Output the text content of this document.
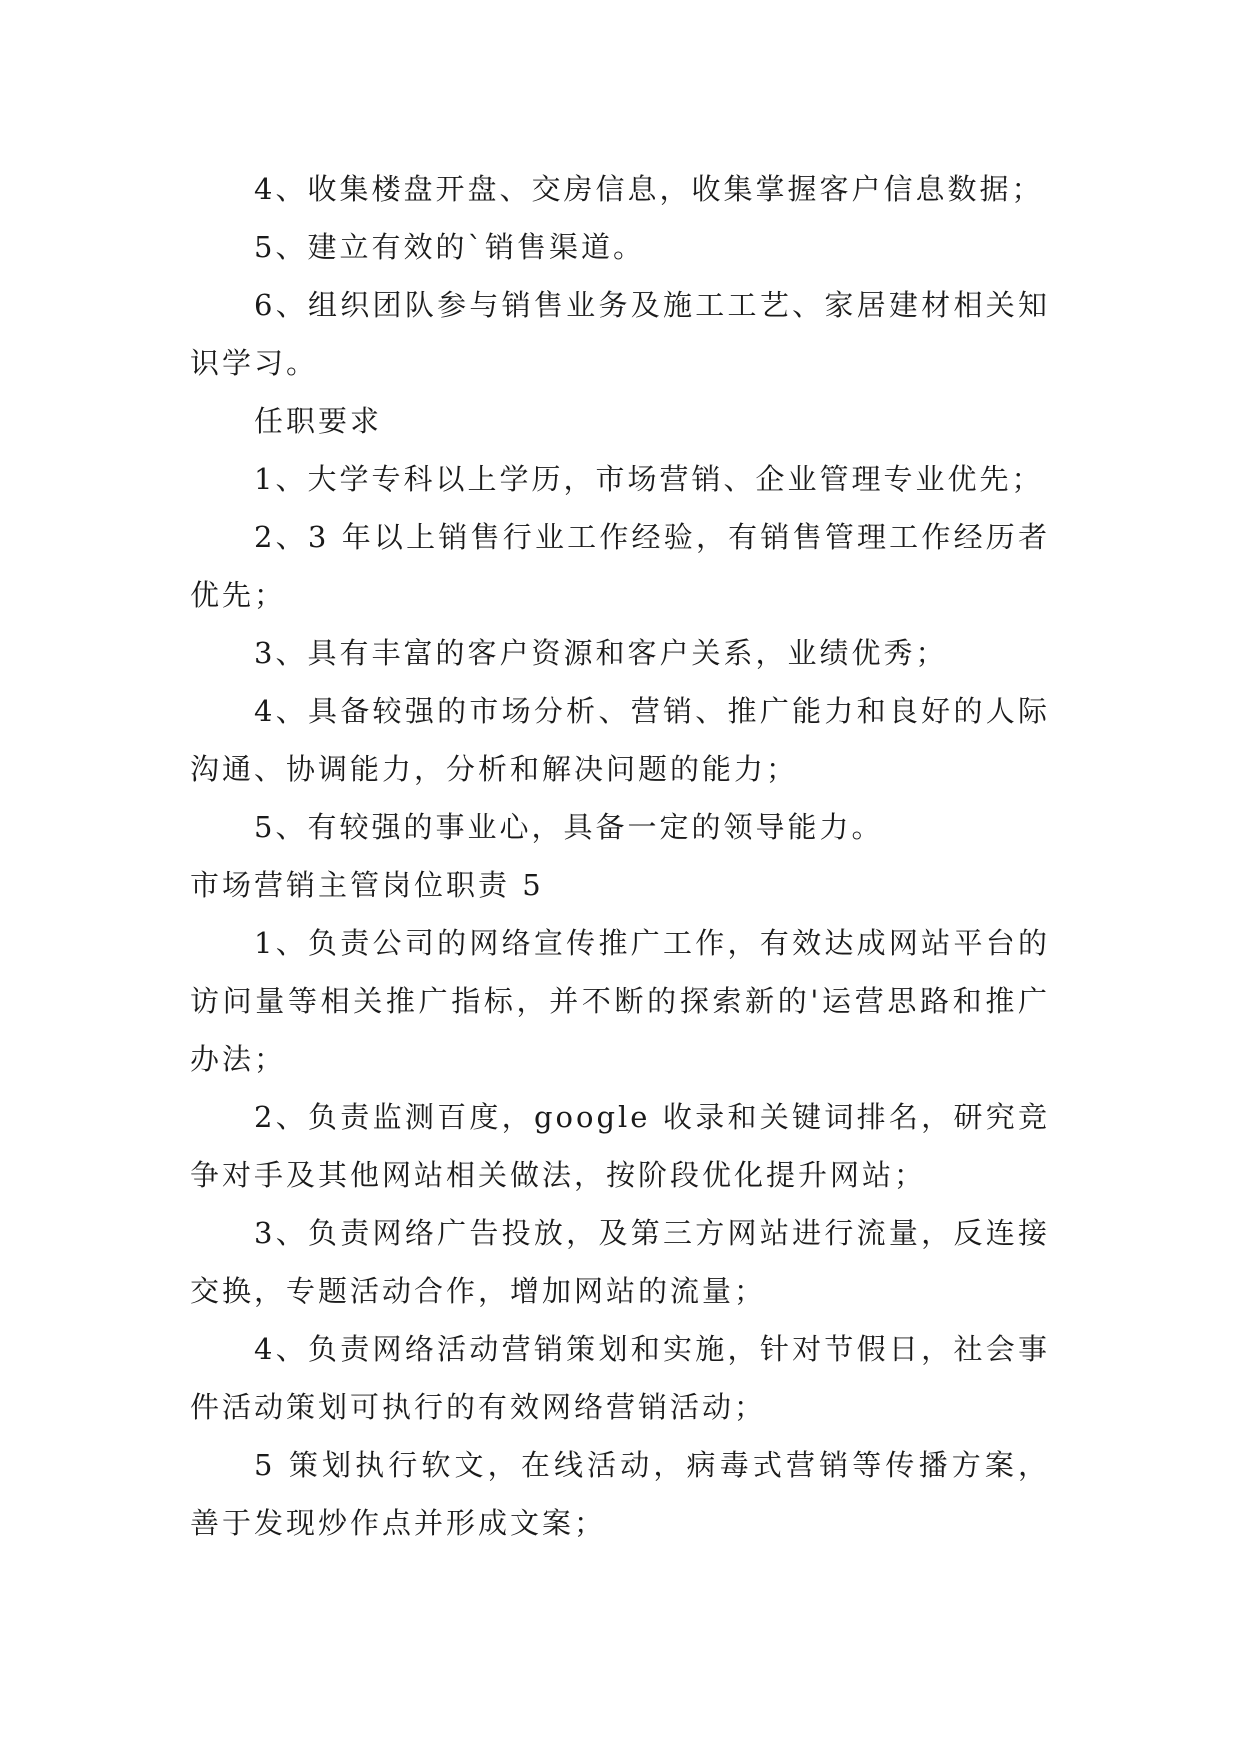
4、收集楼盘开盘、交房信息，收集掌握客户信息数据；

5、建立有效的`销售渠道。

6、组织团队参与销售业务及施工工艺、家居建材相关知识学习。

任职要求

1、大学专科以上学历，市场营销、企业管理专业优先；

2、3 年以上销售行业工作经验，有销售管理工作经历者优先；

3、具有丰富的客户资源和客户关系，业绩优秀；

4、具备较强的市场分析、营销、推广能力和良好的人际沟通、协调能力，分析和解决问题的能力；

5、有较强的事业心，具备一定的领导能力。

市场营销主管岗位职责 5

1、负责公司的网络宣传推广工作，有效达成网站平台的访问量等相关推广指标，并不断的探索新的'运营思路和推广办法；

2、负责监测百度，google 收录和关键词排名，研究竞争对手及其他网站相关做法，按阶段优化提升网站；

3、负责网络广告投放，及第三方网站进行流量，反连接交换，专题活动合作，增加网站的流量；

4、负责网络活动营销策划和实施，针对节假日，社会事件活动策划可执行的有效网络营销活动；

5 策划执行软文，在线活动，病毒式营销等传播方案，善于发现炒作点并形成文案；
